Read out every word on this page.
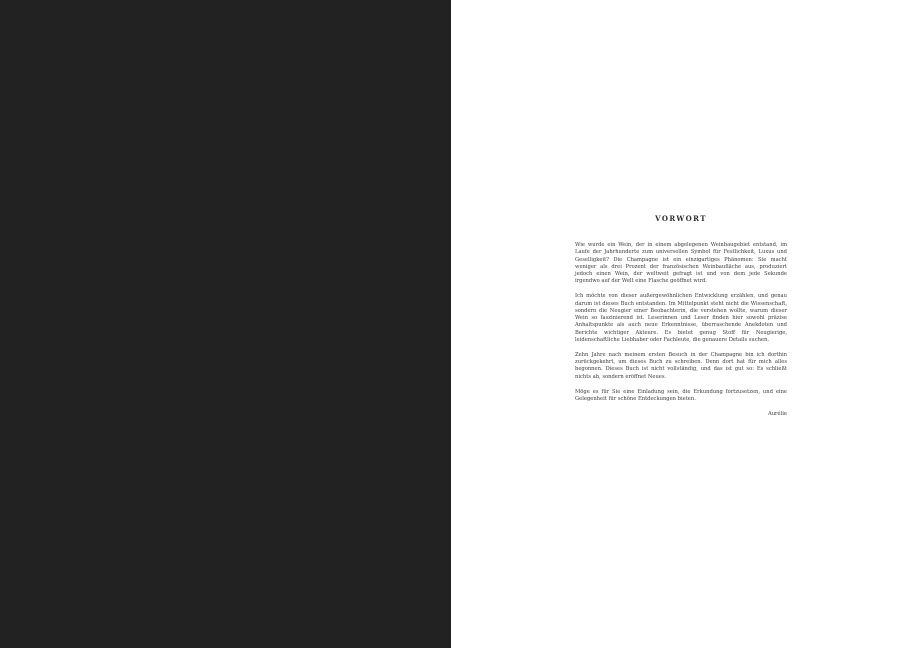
VORWORT

Wie wurde ein Wein, der in einem abgelegenen Weinbaugebiet entstand, im Laufe der Jahrhunderte zum universellen Symbol für Festlichkeit, Luxus und Geselligkeit? Die Champagne ist ein einzigartiges Phänomen: Sie macht weniger als drei Prozent der französischen Weinbaufläche aus, produziert jedoch einen Wein, der weltweit gefragt ist und von dem jede Sekunde irgendwo auf der Welt eine Flasche geöffnet wird.

Ich möchte von dieser außergewöhnlichen Entwicklung erzählen, und genau darum ist dieses Buch entstanden. Im Mittelpunkt steht nicht die Wissenschaft, sondern die Neugier einer Beobachterin, die verstehen wollte, warum dieser Wein so faszinierend ist. Leserinnen und Leser finden hier sowohl präzise Anhaltspunkte als auch neue Erkenntnisse, überraschende Anekdoten und Berichte wichtiger Akteure. Es bietet genug Stoff für Neugierige, leidenschaftliche Liebhaber oder Fachleute, die genauere Details suchen.

Zehn Jahre nach meinem ersten Besuch in der Champagne bin ich dorthin zurückgekehrt, um dieses Buch zu schreiben. Denn dort hat für mich alles begonnen. Dieses Buch ist nicht vollständig, und das ist gut so: Es schließt nichts ab, sondern eröffnet Neues.

Möge es für Sie eine Einladung sein, die Erkundung fortzusetzen, und eine Gelegenheit für schöne Entdeckungen bieten.

Aurélie
